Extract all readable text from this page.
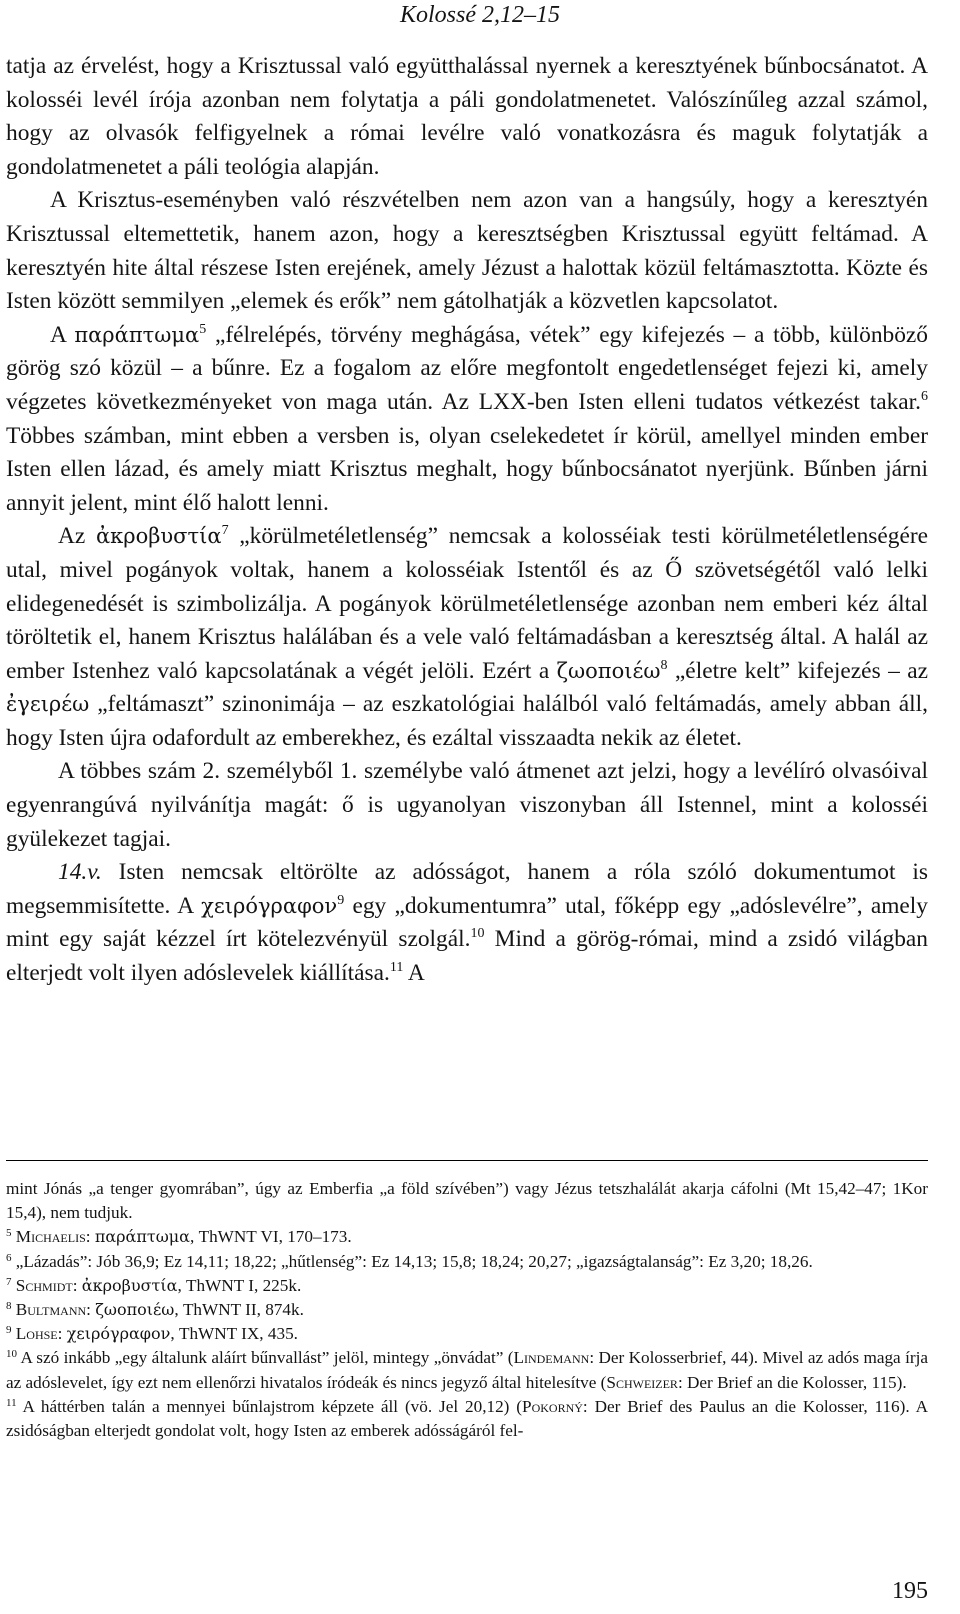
Kolossé 2,12–15

tatja az érvelést, hogy a Krisztussal való együtthalással nyernek a keresztyének bűnbocsánatot. A kolosséi levél írója azonban nem folytatja a páli gondolatmenetet. Valószínűleg azzal számol, hogy az olvasók felfigyelnek a római levélre való vonatkozásra és maguk folytatják a gondolatmenetet a páli teológia alapján.

A Krisztus-eseményben való részvételben nem azon van a hangsúly, hogy a keresztyén Krisztussal eltemettetik, hanem azon, hogy a keresztségben Krisztussal együtt feltámad. A keresztyén hite által részese Isten erejének, amely Jézust a halottak közül feltámasztotta. Közte és Isten között semmilyen „elemek és erők” nem gátolhatják a közvetlen kapcsolatot.

A παράπτωμα$^5$ „félrelépés, törvény meghágása, vétek” egy kifejezés – a több, különböző görög szó közül – a bűnre. Ez a fogalom az előre megfontolt engedetlenséget fejezi ki, amely végzetes következményeket von maga után. Az LXX-ben Isten elleni tudatos vétkezést takar.$^6$ Többes számban, mint ebben a versben is, olyan cselekedetet ír körül, amellyel minden ember Isten ellen lázad, és amely miatt Krisztus meghalt, hogy bűnbocsánatot nyerjünk. Bűnben járni annyit jelent, mint élő halott lenni.

Az ἀκροβυστία$^7$ „körülmetéletlenség” nemcsak a kolosséiak testi körülmetéletlenségére utal, mivel pogányok voltak, hanem a kolosséiak Istentől és az Ő szövetségétől való lelki elidegenedését is szimbolizálja. A pogányok körülmetéletlensége azonban nem emberi kéz által töröltetik el, hanem Krisztus halálában és a vele való feltámadásban a keresztség által. A halál az ember Istenhez való kapcsolatának a végét jelöli. Ezért a ζωοποιέω$^8$ „életre kelt” kifejezés – az ἐγειρέω „feltámaszt” szinonimája – az eszkatológiai halálból való feltámadás, amely abban áll, hogy Isten újra odafordult az emberekhez, és ezáltal visszaadta nekik az életet.

A többes szám 2. személyből 1. személybe való átmenet azt jelzi, hogy a levélíró olvasóival egyenrangúvá nyilvánítja magát: ő is ugyanolyan viszonyban áll Istennel, mint a kolosséi gyülekezet tagjai.

14.v. Isten nemcsak eltörölte az adósságot, hanem a róla szóló dokumentumot is megsemmisítette. A χειρόγραφον$^9$ egy „dokumentumra” utal, főképp egy „adóslevélre”, amely mint egy saját kézzel írt kötelezvényül szolgál.$^{10}$ Mind a görög-római, mind a zsidó világban elterjedt volt ilyen adóslevelek kiállítása.$^{11}$ A

mint Jónás „a tenger gyomrában”, úgy az Emberfia „a föld szívében”) vagy Jézus tetszhalálát akarja cáfolni (Mt 15,42–47; 1Kor 15,4), nem tudjuk.

$^5$ Michaelis: παράπτωμα, ThWNT VI, 170–173.

$^6$ „Lázadás”: Jób 36,9; Ez 14,11; 18,22; „hűtlenség”: Ez 14,13; 15,8; 18,24; 20,27; „igazságtalanság”: Ez 3,20; 18,26.

$^7$ Schmidt: ἀκροβυστία, ThWNT I, 225k.

$^8$ Bultmann: ζωοποιέω, ThWNT II, 874k.

$^9$ Lohse: χειρόγραφον, ThWNT IX, 435.

$^{10}$ A szó inkább „egy általunk aláírt bűnvallást” jelöl, mintegy „önvádat” (Lindemann: Der Kolosserbrief, 44). Mivel az adós maga írja az adóslevelet, így ezt nem ellenőrzi hivatalos íródeák és nincs jegyző által hitelesítve (Schweizer: Der Brief an die Kolosser, 115).

$^{11}$ A háttérben talán a mennyei bűnlajstrom képzete áll (vö. Jel 20,12) (Pokorný: Der Brief des Paulus an die Kolosser, 116). A zsidóságban elterjedt gondolat volt, hogy Isten az emberek adósságáról fel-

195
